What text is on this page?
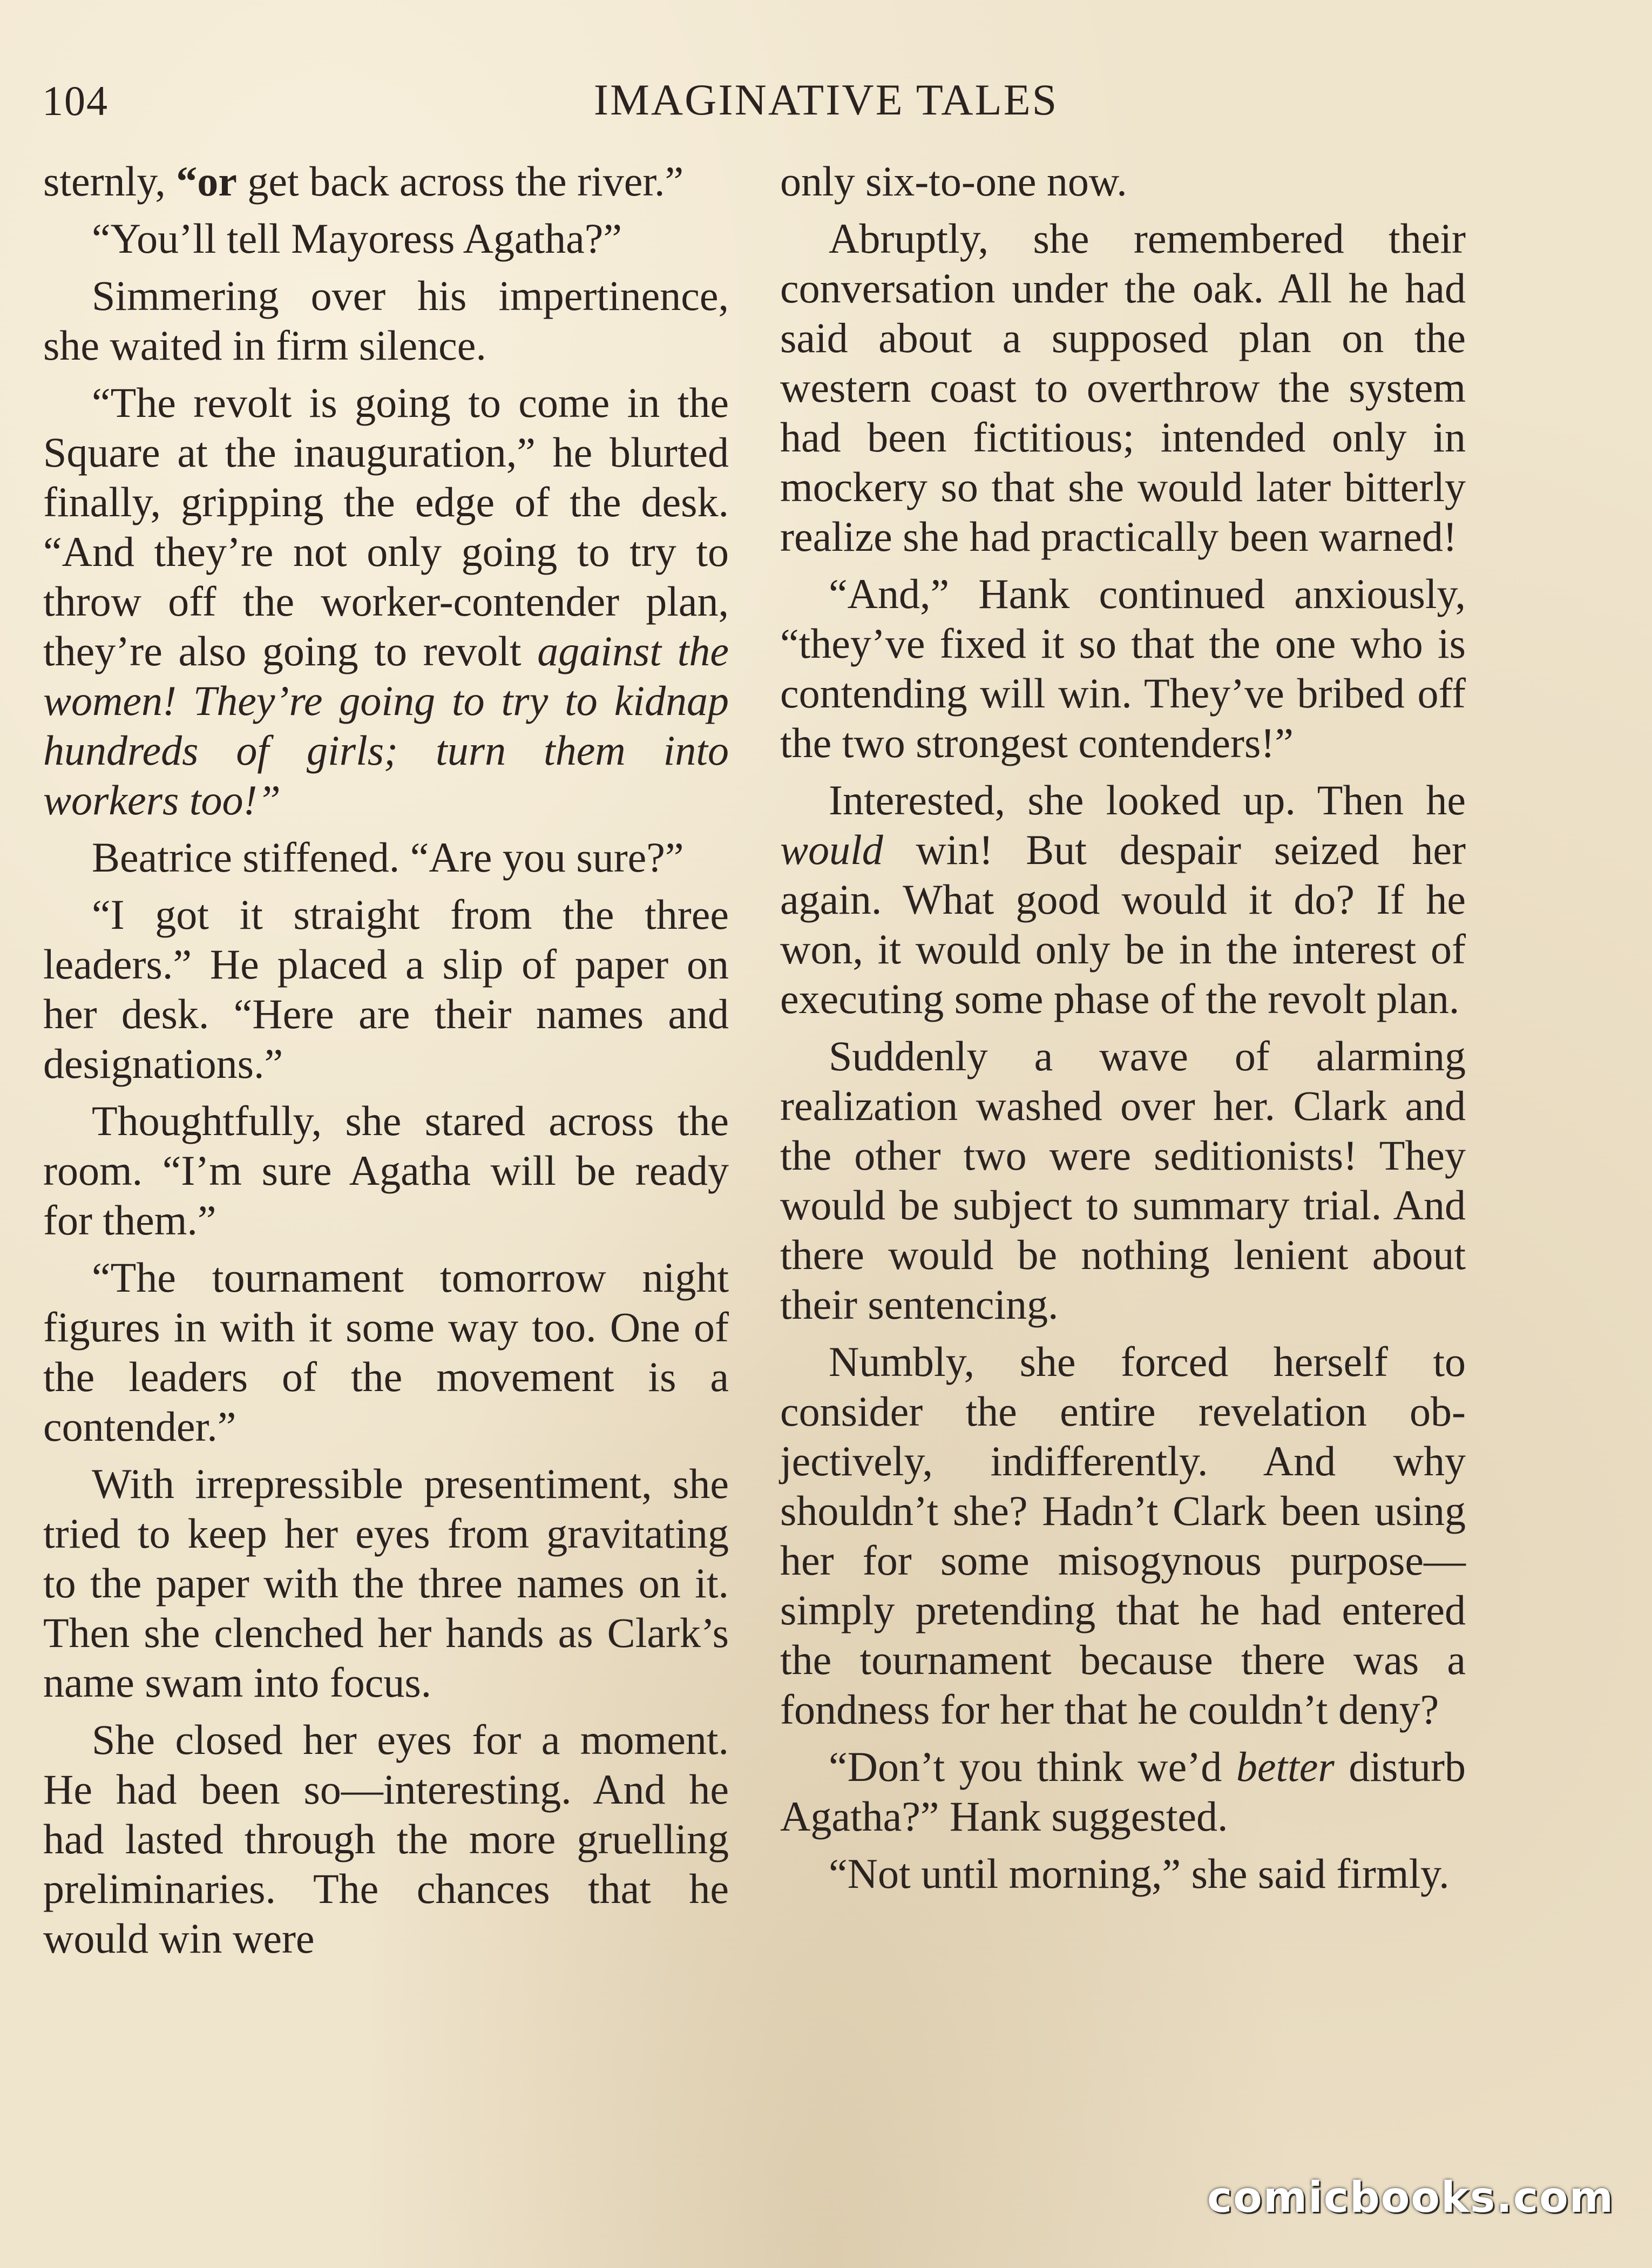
104	IMAGINATIVE TALES

sternly, “or get back across the river.”

“You’ll tell Mayoress Agatha?”

Simmering over his impertinence, she waited in firm silence.

“The revolt is going to come in the Square at the inauguration,” he blurted finally, gripping the edge of the desk. “And they’re not only going to try to throw off the worker-contender plan, they’re also going to revolt against the women! They’re going to try to kidnap hundreds of girls; turn them into workers too!”

Beatrice stiffened. “Are you sure?”

“I got it straight from the three leaders.” He placed a slip of paper on her desk. “Here are their names and designations.”

Thoughtfully, she stared across the room. “I’m sure Agatha will be ready for them.”

“The tournament tomorrow night figures in with it some way too. One of the leaders of the movement is a contender.”

With irrepressible presentiment, she tried to keep her eyes from gravitating to the paper with the three names on it. Then she clenched her hands as Clark’s name swam into focus.

She closed her eyes for a moment. He had been so—interesting. And he had lasted through the more gruelling preliminaries. The chances that he would win were

only six-to-one now.

Abruptly, she remembered their conversation under the oak. All he had said about a supposed plan on the western coast to overthrow the system had been fictitious; intended only in mockery so that she would later bitterly realize she had practically been warned!

“And,” Hank continued anxiously, “they’ve fixed it so that the one who is contending will win. They’ve bribed off the two strongest contenders!”

Interested, she looked up. Then he would win! But despair seized her again. What good would it do? If he won, it would only be in the interest of executing some phase of the revolt plan.

Suddenly a wave of alarming realization washed over her. Clark and the other two were seditionists! They would be subject to summary trial. And there would be nothing lenient about their sentencing.

Numbly, she forced herself to consider the entire revelation objectively, indifferently. And why shouldn’t she? Hadn’t Clark been using her for some misogynous purpose—simply pretending that he had entered the tournament because there was a fondness for her that he couldn’t deny?

“Don’t you think we’d better disturb Agatha?” Hank suggested.

“Not until morning,” she said firmly.

comicbooks.com
